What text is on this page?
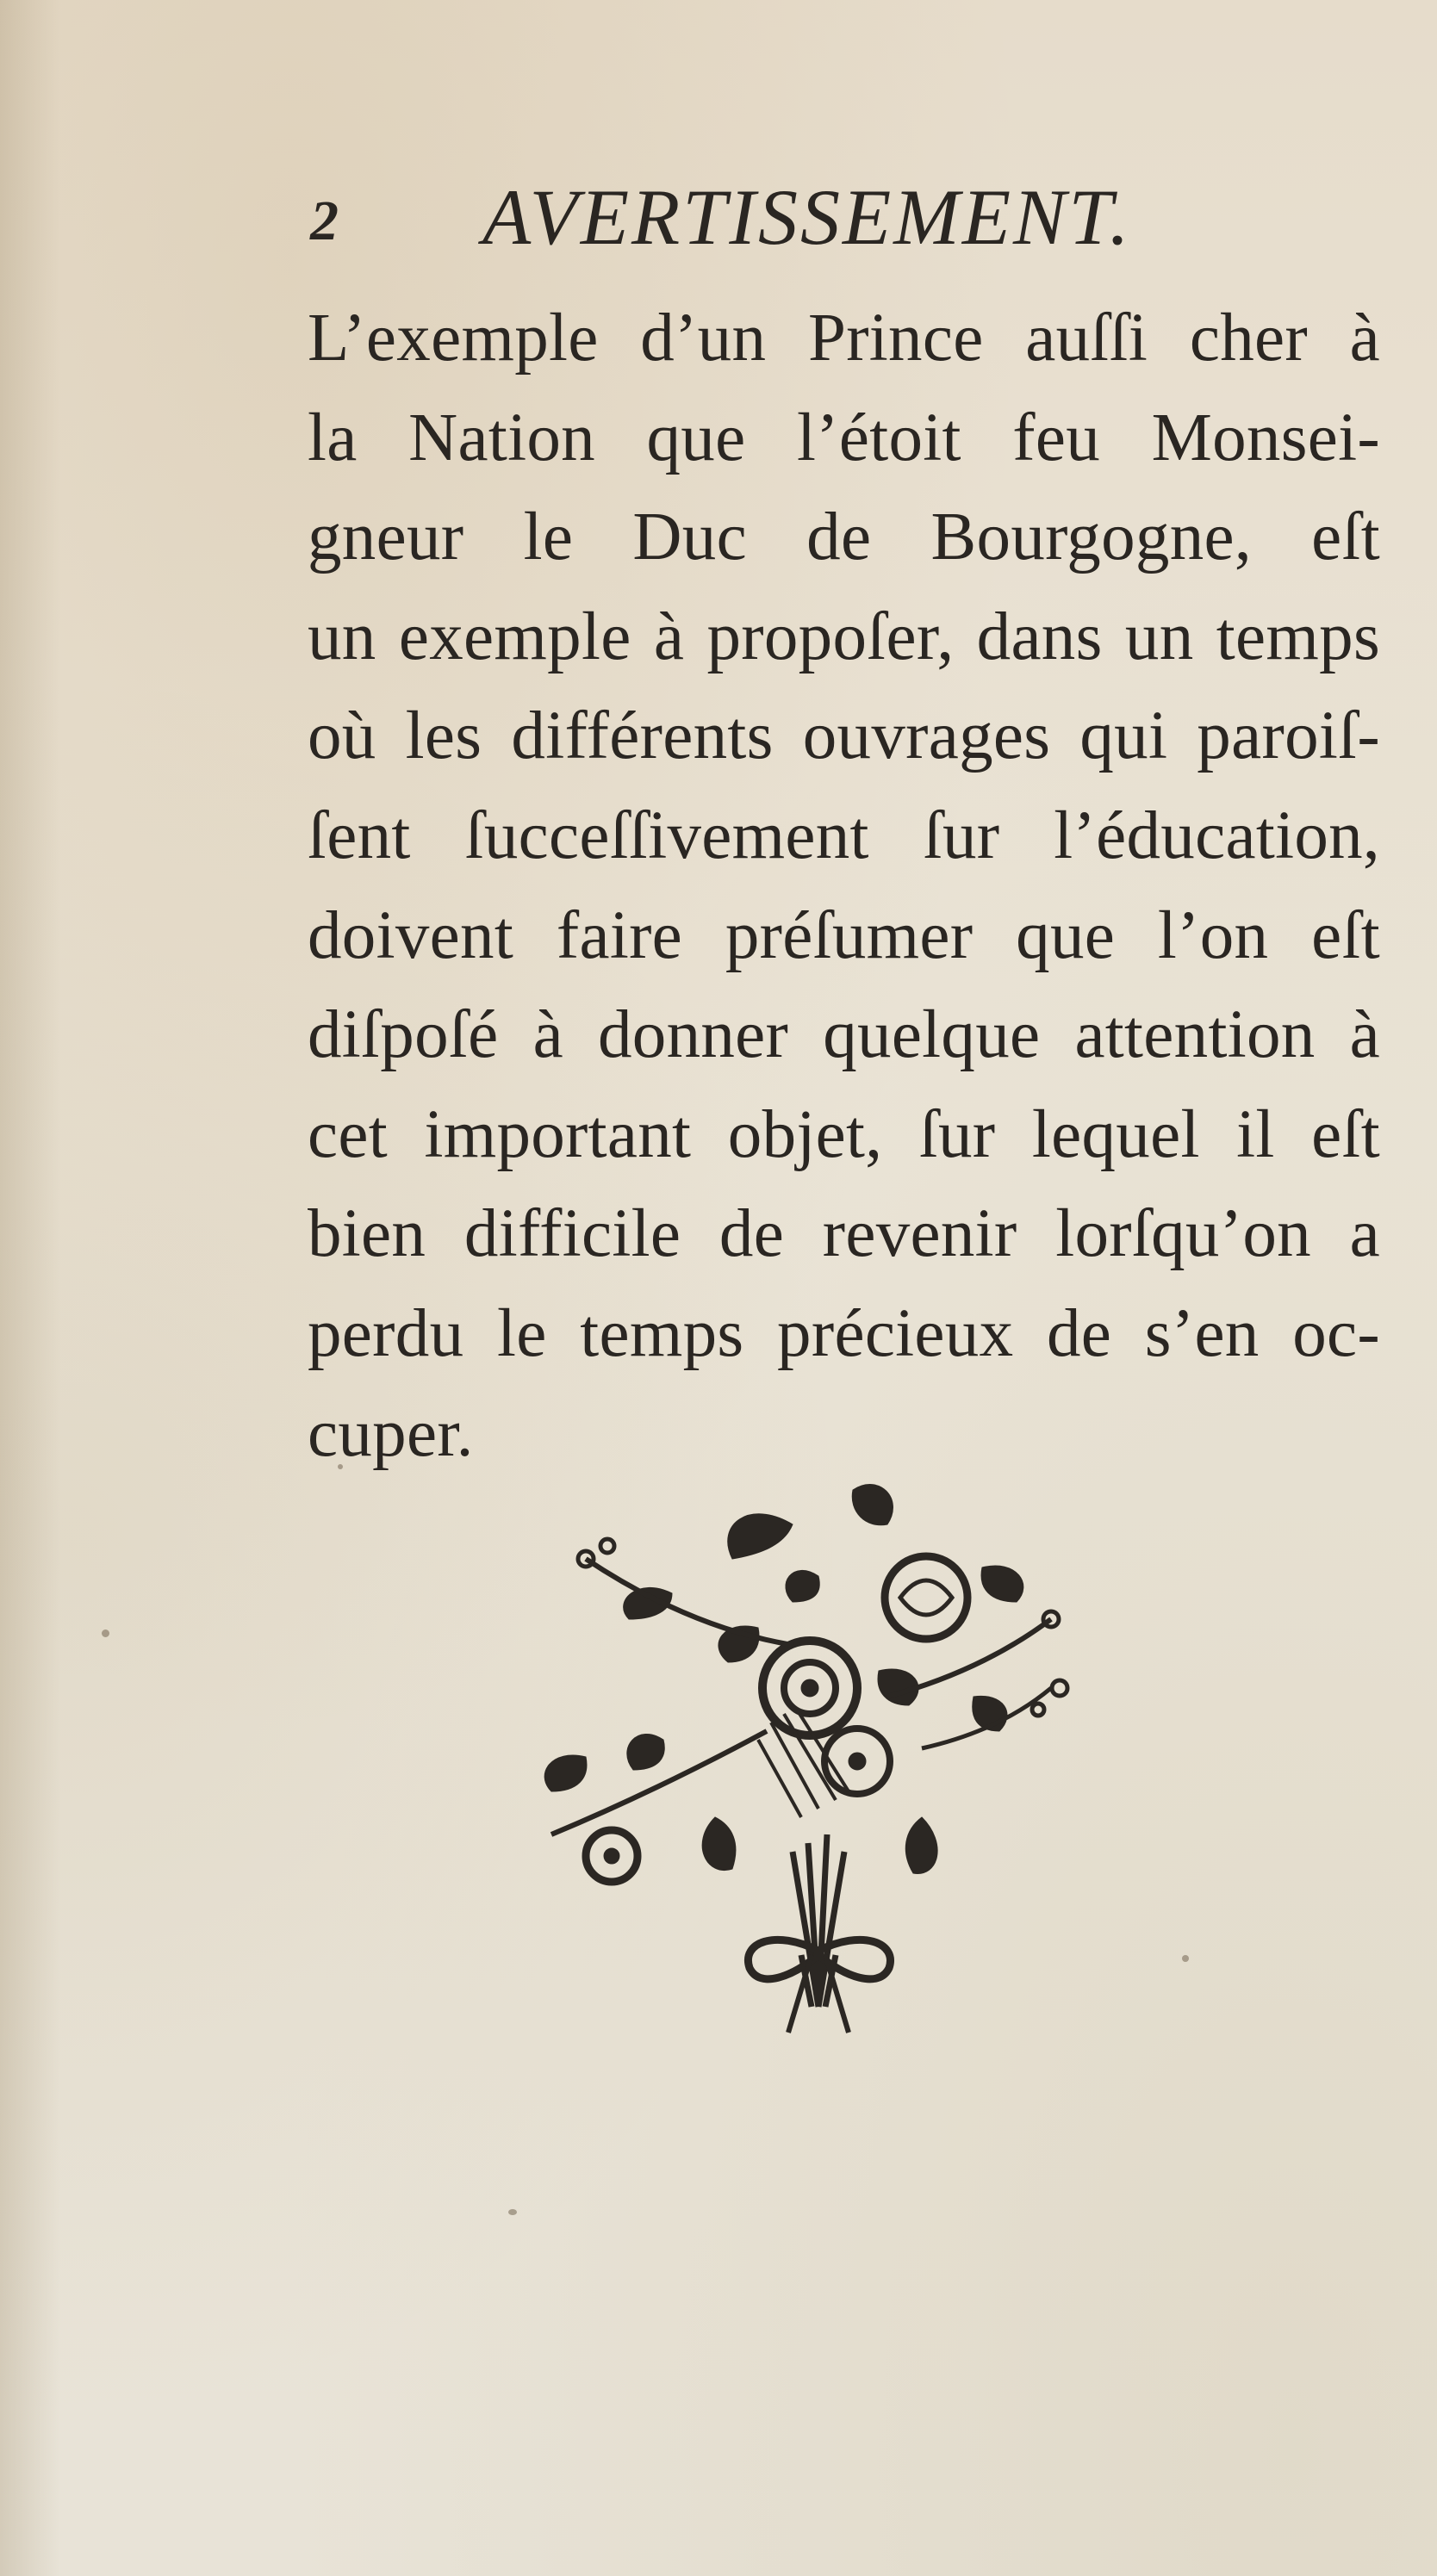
2 AVERTISSEMENT.
L’exemple d’un Prince auſſi cher à
la Nation que l’étoit feu Monsei-
gneur le Duc de Bourgogne, eſt
un exemple à propoſer, dans un temps
où les différents ouvrages qui paroiſ-
ſent ſucceſſivement ſur l’éducation,
doivent faire préſumer que l’on eſt
diſpoſé à donner quelque attention à
cet important objet, ſur lequel il eſt
bien difficile de revenir lorſqu’on a
perdu le temps précieux de s’en oc-
cuper.
